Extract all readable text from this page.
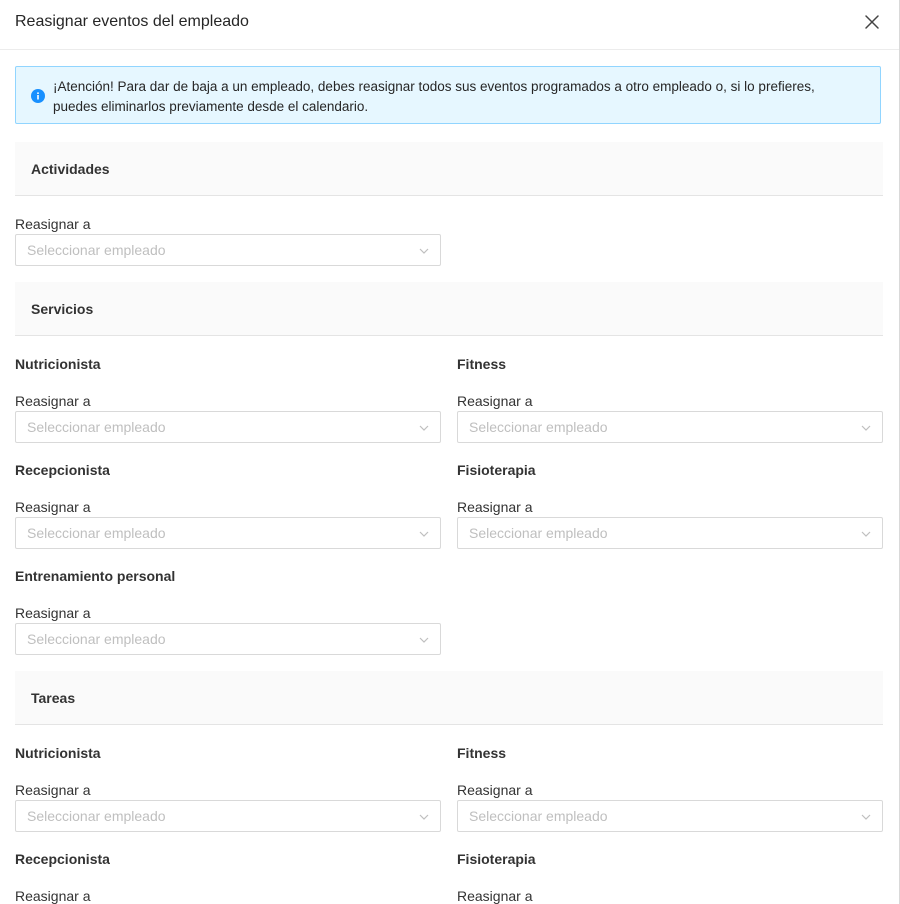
Reasignar eventos del empleado
¡Atención! Para dar de baja a un empleado, debes reasignar todos sus eventos programados a otro empleado o, si lo prefieres, puedes eliminarlos previamente desde el calendario.
Actividades
Reasignar a
Seleccionar empleado
Servicios
Nutricionista
Reasignar a
Seleccionar empleado
Fitness
Reasignar a
Seleccionar empleado
Recepcionista
Reasignar a
Seleccionar empleado
Fisioterapia
Reasignar a
Seleccionar empleado
Entrenamiento personal
Reasignar a
Seleccionar empleado
Tareas
Nutricionista
Reasignar a
Seleccionar empleado
Fitness
Reasignar a
Seleccionar empleado
Recepcionista
Reasignar a
Fisioterapia
Reasignar a
